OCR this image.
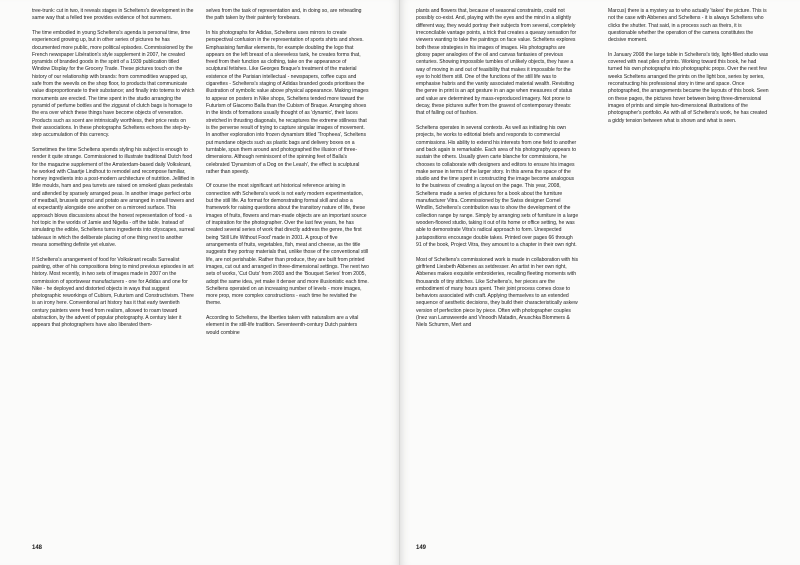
tree-trunk: cut in two, it reveals stages in Scheltens's development in the same way that a felled tree provides evidence of hot summers.

The time embodied in young Scheltens's agenda is personal time, time experienced growing up, but in other series of pictures he has documented more public, more political episodes. Commissioned by the French newspaper Libération's style supplement in 2007, he created pyramids of branded goods in the spirit of a 1939 publication titled Window Display for the Grocery Trade. These pictures touch on the history of our relationship with brands: from commodities wrapped up, safe from the weevils on the shop floor, to products that communicate value disproportionate to their substance; and finally into totems to which monuments are erected. The time spent in the studio arranging the pyramid of perfume bottles and the ziggurat of clutch bags is homage to the era over which these things have become objects of veneration. Products such as scent are intrinsically worthless, their price rests on their associations. In these photographs Scheltens echoes the step-by-step accumulation of this currency.

Sometimes the time Scheltens spends styling his subject is enough to render it quite strange. Commissioned to illustrate traditional Dutch food for the magazine supplement of the Amsterdam-based daily Volkskrant, he worked with Claartje Lindhout to remodel and recompose familiar, homey ingredients into a post-modern architecture of nutrition. Jellified in little moulds, ham and pea turrets are raised on smoked glass pedestals and attended by sparsely arranged peas. In another image perfect orbs of meatball, brussels sprout and potato are arranged in small towers and at expectantly alongside one another on a mirrored surface. This approach blows discussions about the honest representation of food - a hot topic in the worlds of Jamie and Nigella - off the table. Instead of simulating the edible, Scheltens turns ingredients into cityscapes, surreal tableaux in which the deliberate placing of one thing next to another means something definite yet elusive.

If Scheltens's arrangement of food for Volkskrant recalls Surrealist painting, other of his compositions bring to mind previous episodes in art history. Most recently, in two sets of images made in 2007 on the commission of sportswear manufacturers - one for Adidas and one for Nike - he deployed and distorted objects in ways that suggest photographic reworkings of Cubism, Futurism and Constructivism. There is an irony here. Conventional art history has it that early twentieth century painters were freed from realism, allowed to roam toward abstraction, by the advent of popular photography. A century later it appears that photographers have also liberated them-

selves from the task of representation and, in doing so, are retreading the path taken by their painterly forebears.

In his photographs for Adidas, Scheltens uses mirrors to create perspectival confusion in the representation of sports shirts and shoes. Emphasising familiar elements, for example doubling the logo that appears on the left breast of a sleeveless tank, he creates forms that, freed from their function as clothing, take on the appearance of sculptural fetishes. Like Georges Braque's treatment of the material existence of the Parisian intellectual - newspapers, coffee cups and cigarettes - Scheltens's staging of Adidas branded goods prioritises the illustration of symbolic value above physical appearance. Making images to appear on posters in Nike shops, Scheltens tended more toward the Futurism of Giacomo Balla than the Cubism of Braque. Arranging shoes in the kinds of formations usually thought of as 'dynamic', their laces stretched in thrusting diagonals, he recaptures the extreme stillness that is the perverse result of trying to capture singular images of movement. In another exploration into frozen dynamism titled 'Tropheea', Scheltens put mundane objects such as plastic bags and delivery boxes on a turntable, spun them around and photographed the illusion of three-dimensions. Although reminiscent of the spinning feet of Balla's celebrated 'Dynamism of a Dog on the Leash', the effect is sculptural rather than speedy.

Of course the most significant art historical reference arising in connection with Scheltens's work is not early modern experimentation, but the still life. As format for demonstrating formal skill and also a framework for raising questions about the transitory nature of life, these images of fruits, flowers and man-made objects are an important source of inspiration for the photographer. Over the last few years, he has created several series of work that directly address the genre, the first being 'Still Life Without Food' made in 2001. A group of five arrangements of fruits, vegetables, fish, meat and cheese, as the title suggests they portray materials that, unlike those of the conventional still life, are not perishable. Rather than produce, they are built from printed images, cut out and arranged in three-dimensional settings. The next two sets of works, 'Cut Outs' from 2003 and the 'Bouquet Series' from 2005, adopt the same idea, yet make it denser and more illusionistic each time. Scheltens operated on an increasing number of levels - more images, more prop, more complex constructions - each time he revisited the theme.

According to Scheltens, the liberties taken with naturalism are a vital element in the still-life tradition. Seventeenth-century Dutch painters would combine

148

plants and flowers that, because of seasonal constraints, could not possibly co-exist. And, playing with the eyes and the mind in a slightly different way, they would portray their subjects from several, completely irreconcilable vantage points, a trick that creates a queasy sensation for viewers wanting to take the paintings on face value. Scheltens explores both these strategies in his images of images. His photographs are glossy paper analogies of the oil and canvas fantasies of previous centuries. Showing impossible tumbles of unlikely objects, they have a way of moving in and out of feasibility that makes it impossible for the eye to hold them still. One of the functions of the still life was to emphasise hubris and the vanity associated material wealth. Revisiting the genre in print is an apt gesture in an age when measures of status and value are determined by mass-reproduced imagery. Not prone to decay, these pictures suffer from the gravest of contemporary threats: that of falling out of fashion.

Scheltens operates in several contexts. As well as initiating his own projects, he works to editorial briefs and responds to commercial commissions. His ability to extend his interests from one field to another and back again is remarkable. Each area of his photography appears to sustain the others. Usually given carte blanche for commissions, he chooses to collaborate with designers and editors to ensure his images make sense in terms of the larger story. In this arena the space of the studio and the time spent in constructing the image become analogous to the business of creating a layout on the page. This year, 2008, Scheltens made a series of pictures for a book about the furniture manufacturer Vitra. Commissioned by the Swiss designer Cornel Windlin, Scheltens's contribution was to show the development of the collection range by range. Simply by arranging sets of furniture in a large wooden-floored studio, taking it out of its home or office setting, he was able to demonstrate Vitra's radical approach to form. Unexpected juxtapositions encourage double takes. Printed over pages 66 through 91 of the book, Project Vitra, they amount to a chapter in their own right.

Most of Scheltens's commissioned work is made in collaboration with his girlfriend Liesbeth Abbenes as setdresser. An artist in her own right, Abbenes makes exquisite embroideries, recalling fleeting moments with thousands of tiny stitches. Like Scheltens's, her pieces are the embodiment of many hours spent. Their joint process comes close to behaviors associated with craft. Applying themselves to an extended sequence of aesthetic decisions, they build their characteristically askew version of perfection piece by piece. Often with photographer couples (Inez van Lamsweerde and Vinoodh Matadin, Anuschka Blommers & Niels Schumm, Mert and

Marcus) there is a mystery as to who actually 'takes' the picture. This is not the case with Abbenes and Scheltens - it is always Scheltens who clicks the shutter. That said, in a process such as theirs, it is questionable whether the operation of the camera constitutes the decisive moment.

In January 2008 the large table in Scheltens's tidy, light-filled studio was covered with neat piles of prints. Working toward this book, he had turned his own photographs into photographic props. Over the next few weeks Scheltens arranged the prints on the light box, series by series, reconstructing his professional story in time and space. Once photographed, the arrangements became the layouts of this book. Seen on these pages, the pictures hover between being three-dimensional images of prints and simple two-dimensional illustrations of the photographer's portfolio. As with all of Scheltens's work, he has created a giddy tension between what is shown and what is seen.

149
